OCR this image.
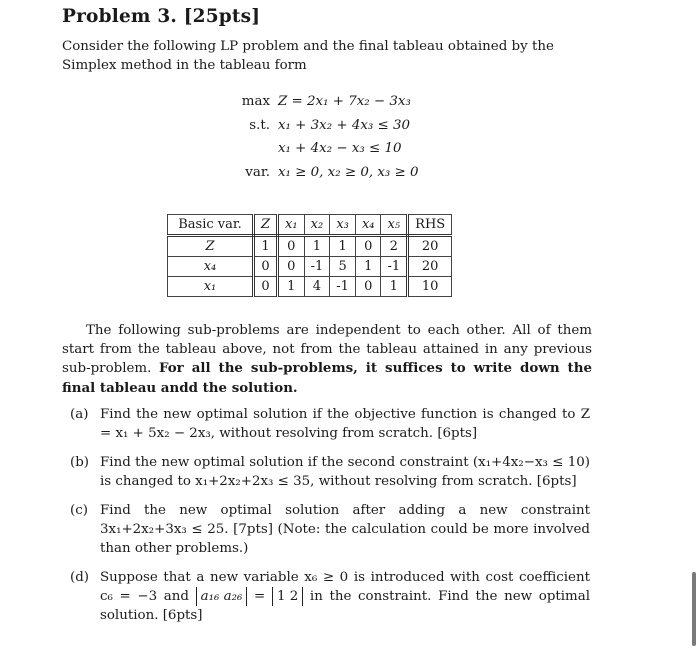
Problem 3. [25pts]
Consider the following LP problem and the final tableau obtained by the Simplex method in the tableau form
max Z = 2x₁ + 7x₂ − 3x₃
s.t. x₁ + 3x₂ + 4x₃ ≤ 30
x₁ + 4x₂ − x₃ ≤ 10
var. x₁ ≥ 0, x₂ ≥ 0, x₃ ≥ 0
Basic var.	Z	x₁	x₂	x₃	x₄	x₅	RHS
Z	1	0	1	1	0	2	20
x₄	0	0	-1	5	1	-1	20
x₁	0	1	4	-1	0	1	10
The following sub-problems are independent to each other. All of them start from the tableau above, not from the tableau attained in any previous sub-problem. For all the sub-problems, it suffices to write down the final tableau andd the solution.
(a) Find the new optimal solution if the objective function is changed to Z = x₁ + 5x₂ − 2x₃, without resolving from scratch. [6pts]
(b) Find the new optimal solution if the second constraint (x₁+4x₂−x₃ ≤ 10) is changed to x₁+2x₂+2x₃ ≤ 35, without resolving from scratch. [6pts]
(c) Find the new optimal solution after adding a new constraint 3x₁+2x₂+3x₃ ≤ 25. [7pts] (Note: the calculation could be more involved than other problems.)
(d) Suppose that a new variable x₆ ≥ 0 is introduced with cost coefficient c₆ = −3 and a₁₆ a₂₆ = 1 2 in the constraint. Find the new optimal solution. [6pts]
